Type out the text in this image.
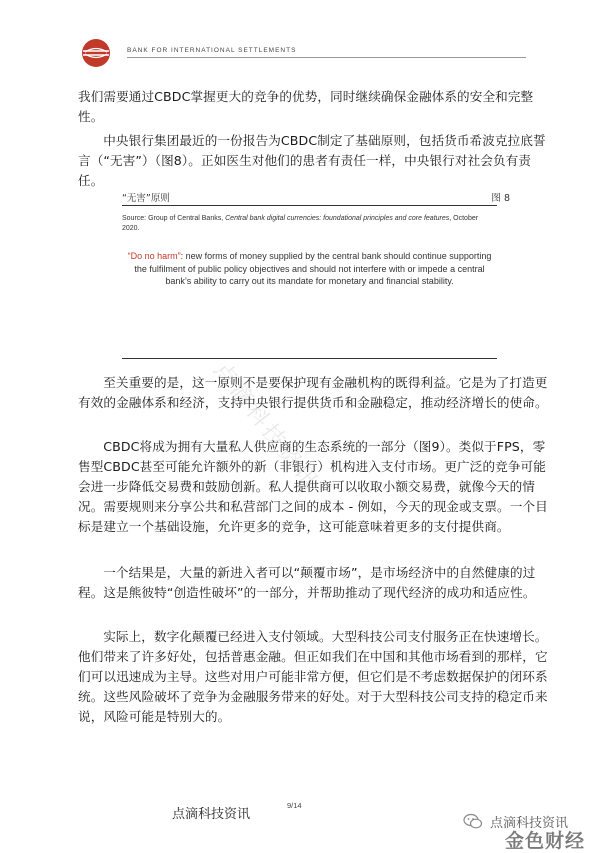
BANK FOR INTERNATIONAL SETTLEMENTS
我们需要通过CBDC掌握更大的竞争的优势，同时继续确保金融体系的安全和完整性。
中央银行集团最近的一份报告为CBDC制定了基础原则，包括货币希波克拉底誓言（“无害”）（图8）。正如医生对他们的患者有责任一样，中央银行对社会负有责任。
“无害”原则	图 8
Source: Group of Central Banks, Central bank digital currencies: foundational principles and core features, October 2020.
“Do no harm”: new forms of money supplied by the central bank should continue supporting the fulfilment of public policy objectives and should not interfere with or impede a central bank’s ability to carry out its mandate for monetary and financial stability.
点滴科技资讯
至关重要的是，这一原则不是要保护现有金融机构的既得利益。它是为了打造更有效的金融体系和经济，支持中央银行提供货币和金融稳定，推动经济增长的使命。
CBDC将成为拥有大量私人供应商的生态系统的一部分（图9）。类似于FPS，零售型CBDC甚至可能允许额外的新（非银行）机构进入支付市场。更广泛的竞争可能会进一步降低交易费和鼓励创新。私人提供商可以收取小额交易费，就像今天的情况。需要规则来分享公共和私营部门之间的成本 - 例如，今天的现金或支票。一个目标是建立一个基础设施，允许更多的竞争，这可能意味着更多的支付提供商。
一个结果是，大量的新进入者可以“颠覆市场”，是市场经济中的自然健康的过程。这是熊彼特“创造性破坏”的一部分，并帮助推动了现代经济的成功和适应性。
实际上，数字化颠覆已经进入支付领域。大型科技公司支付服务正在快速增长。他们带来了许多好处，包括普惠金融。但正如我们在中国和其他市场看到的那样，它们可以迅速成为主导。这些对用户可能非常方便，但它们是不考虑数据保护的闭环系统。这些风险破坏了竞争为金融服务带来的好处。对于大型科技公司支持的稳定币来说，风险可能是特别大的。
点滴科技资讯
9/14
点滴科技资讯
金色财经
